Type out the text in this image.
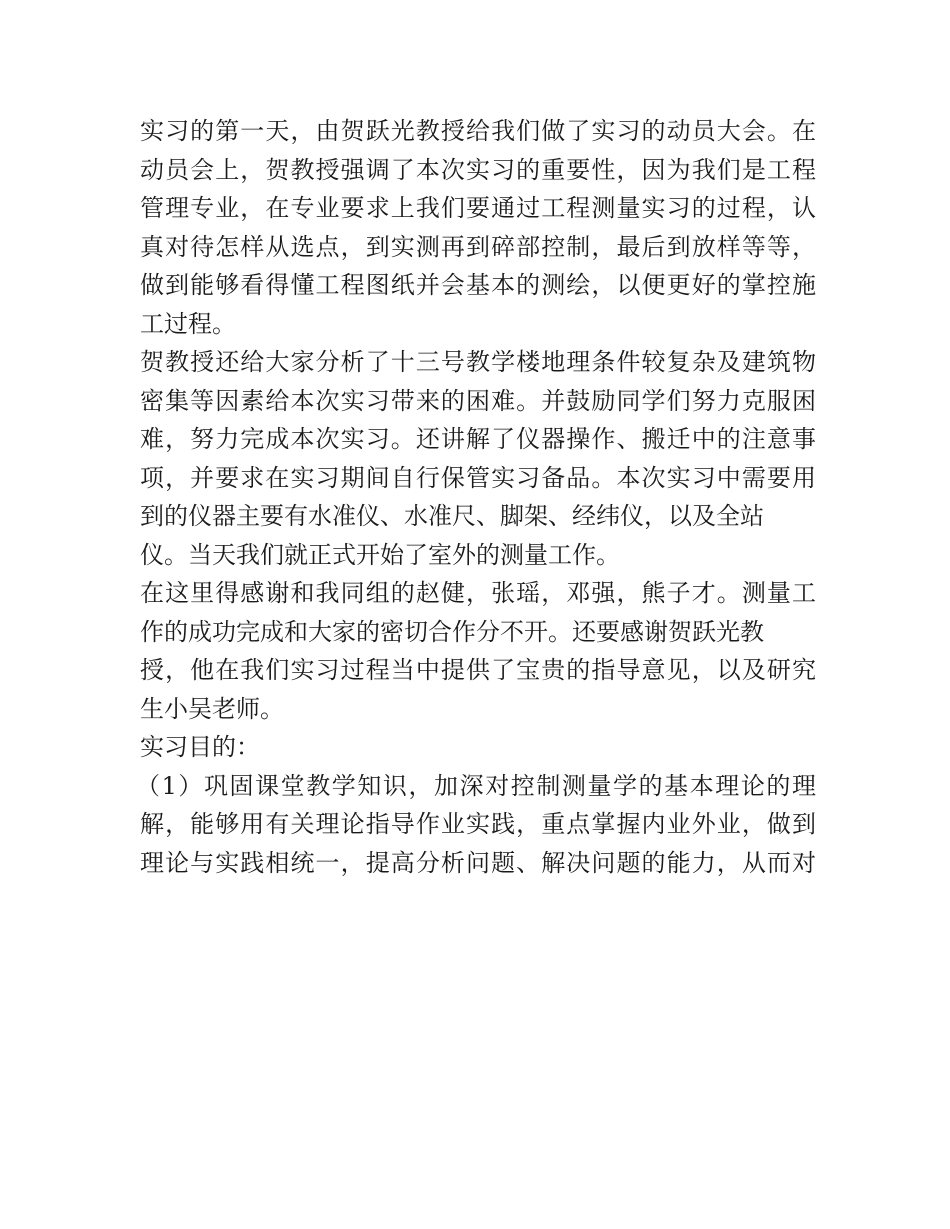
实习的第一天，由贺跃光教授给我们做了实习的动员大会。在
动员会上，贺教授强调了本次实习的重要性，因为我们是工程
管理专业，在专业要求上我们要通过工程测量实习的过程，认
真对待怎样从选点，到实测再到碎部控制，最后到放样等等，
做到能够看得懂工程图纸并会基本的测绘，以便更好的掌控施
工过程。
贺教授还给大家分析了十三号教学楼地理条件较复杂及建筑物
密集等因素给本次实习带来的困难。并鼓励同学们努力克服困
难，努力完成本次实习。还讲解了仪器操作、搬迁中的注意事
项，并要求在实习期间自行保管实习备品。本次实习中需要用
到的仪器主要有水准仪、水准尺、脚架、经纬仪，以及全站
仪。当天我们就正式开始了室外的测量工作。
在这里得感谢和我同组的赵健，张瑶，邓强，熊子才。测量工
作的成功完成和大家的密切合作分不开。还要感谢贺跃光教
授，他在我们实习过程当中提供了宝贵的指导意见，以及研究
生小吴老师。
实习目的：
（1）巩固课堂教学知识，加深对控制测量学的基本理论的理
解，能够用有关理论指导作业实践，重点掌握内业外业，做到
理论与实践相统一，提高分析问题、解决问题的能力，从而对
